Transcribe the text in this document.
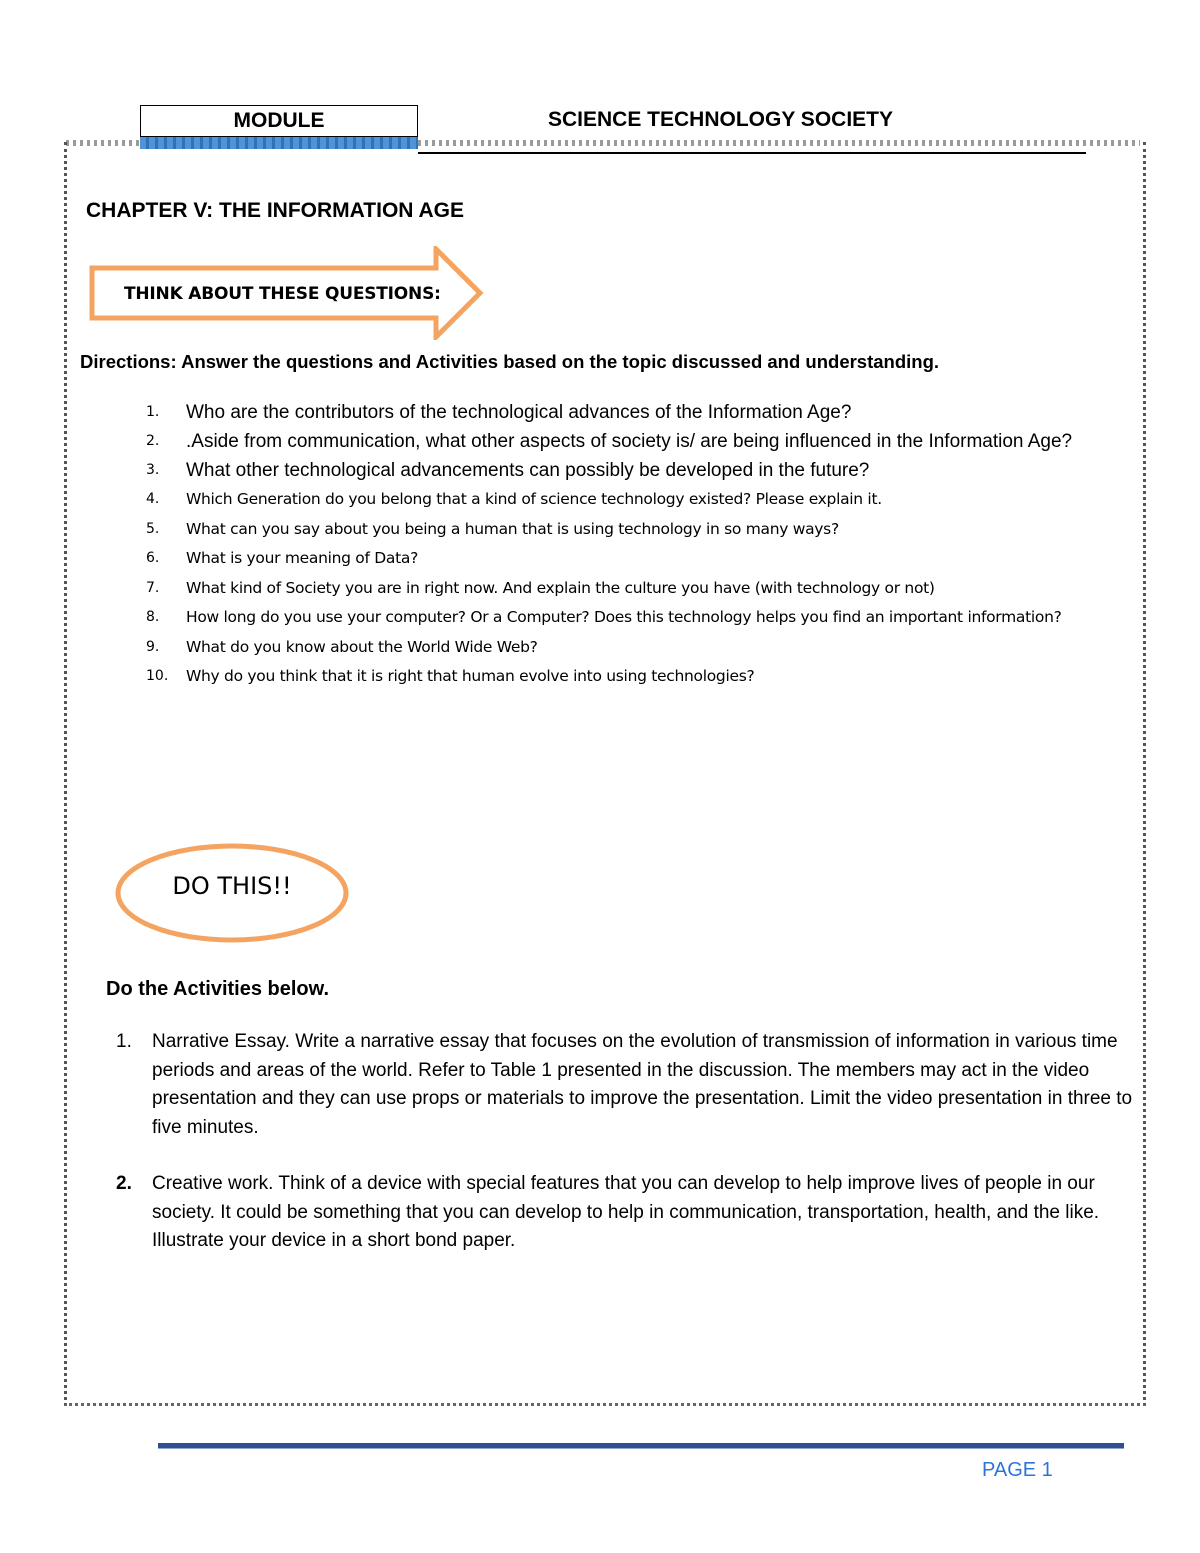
MODULE	SCIENCE TECHNOLOGY SOCIETY
CHAPTER V: THE INFORMATION AGE
THINK ABOUT THESE QUESTIONS:
Directions: Answer the questions and Activities based on the topic discussed and understanding.
1.	Who are the contributors of the technological advances of the Information Age?
2.	.Aside from communication, what other aspects of society is/ are being influenced in the Information Age?
3.	What other technological advancements can possibly be developed in the future?
4.	Which Generation do you belong that a kind of science technology existed? Please explain it.
5.	What can you say about you being a human that is using technology in so many ways?
6.	What is your meaning of Data?
7.	What kind of Society you are in right now. And explain the culture you have (with technology or not)
8.	How long do you use your computer? Or a Computer? Does this technology helps you find an important information?
9.	What do you know about the World Wide Web?
10.	Why do you think that it is right that human evolve into using technologies?
DO THIS!!
Do the Activities below.
1. Narrative Essay. Write a narrative essay that focuses on the evolution of transmission of information in various time periods and areas of the world. Refer to Table 1 presented in the discussion. The members may act in the video presentation and they can use props or materials to improve the presentation. Limit the video presentation in three to five minutes.
2. Creative work. Think of a device with special features that you can develop to help improve lives of people in our society. It could be something that you can develop to help in communication, transportation, health, and the like. Illustrate your device in a short bond paper.
PAGE 1
